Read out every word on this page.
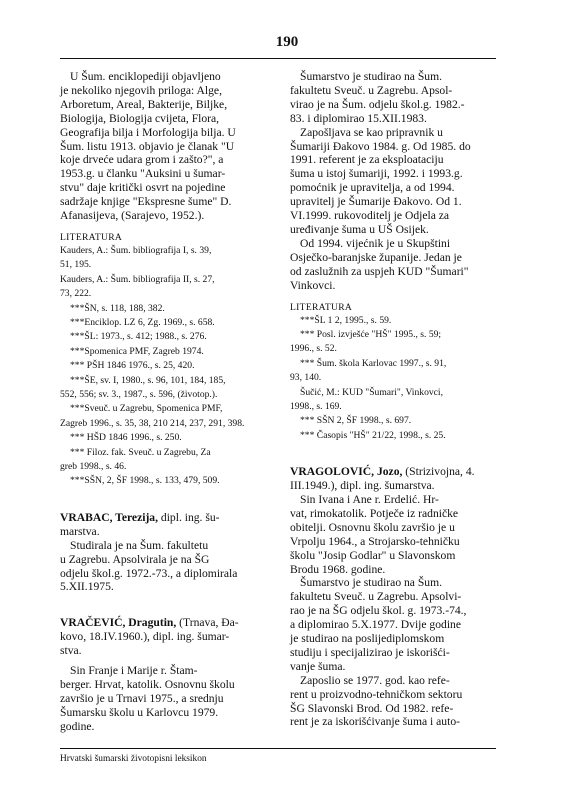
190
U Šum. enciklopediji objavljeno
je nekoliko njegovih priloga: Alge,
Arboretum, Areal, Bakterije, Biljke,
Biologija, Biologija cvijeta, Flora,
Geografija bilja i Morfologija bilja. U
Šum. listu 1913. objavio je članak "U
koje drveće udara grom i zašto?", a
1953.g. u članku "Auksini u šumar-
stvu" daje kritički osvrt na pojedine
sadržaje knjige "Ekspresne šume" D.
Afanasijeva, (Sarajevo, 1952.).
LITERATURA
Kauders, A.: Šum. bibliografija I, s. 39,
51, 195.
Kauders, A.: Šum. bibliografija II, s. 27,
73, 222.
***ŠN, s. 118, 188, 382.
***Enciklop. LZ 6, Zg. 1969., s. 658.
***ŠL: 1973., s. 412; 1988., s. 276.
***Spomenica PMF, Zagreb 1974.
*** PŠH 1846 1976., s. 25, 420.
***ŠE, sv. I, 1980., s. 96, 101, 184, 185,
552, 556; sv. 3., 1987., s. 596, (životop.).
***Sveuč. u Zagrebu, Spomenica PMF,
Zagreb 1996., s. 35, 38, 210 214, 237, 291, 398.
*** HŠD 1846 1996., s. 250.
*** Filoz. fak. Sveuč. u Zagrebu, Za
greb 1998., s. 46.
***SŠN, 2, ŠF 1998., s. 133, 479, 509.
VRABAC, Terezija, dipl. ing. šu-
marstva.
Studirala je na Šum. fakultetu
u Zagrebu. Apsolvirala je na ŠG
odjelu škol.g. 1972.-73., a diplomirala
5.XII.1975.
VRAČEVIĆ, Dragutin, (Trnava, Đa-
kovo, 18.IV.1960.), dipl. ing. šumar-
stva.
Sin Franje i Marije r. Štam-
berger. Hrvat, katolik. Osnovnu školu
završio je u Trnavi 1975., a srednju
Šumarsku školu u Karlovcu 1979.
godine.
Šumarstvo je studirao na Šum.
fakultetu Sveuč. u Zagrebu. Apsol-
virao je na Šum. odjelu škol.g. 1982.-
83. i diplomirao 15.XII.1983.
Zapošljava se kao pripravnik u
Šumariji Đakovo 1984. g. Od 1985. do
1991. referent je za eksploataciju
šuma u istoj šumariji, 1992. i 1993.g.
pomoćnik je upravitelja, a od 1994.
upravitelj je Šumarije Đakovo. Od 1.
VI.1999. rukovoditelj je Odjela za
uređivanje šuma u UŠ Osijek.
Od 1994. vijećnik je u Skupštini
Osječko-baranjske županije. Jedan je
od zaslužnih za uspjeh KUD "Šumari"
Vinkovci.
LITERATURA
***ŠL 1 2, 1995., s. 59.
*** Posl. izvješće "HŠ" 1995., s. 59;
1996., s. 52.
*** Šum. škola Karlovac 1997., s. 91,
93, 140.
Šučić, M.: KUD "Šumari", Vinkovci,
1998., s. 169.
*** SŠN 2, ŠF 1998., s. 697.
*** Časopis "HŠ" 21/22, 1998., s. 25.
VRAGOLOVIĆ, Jozo, (Strizivojna, 4.
III.1949.), dipl. ing. šumarstva.
Sin Ivana i Ane r. Erdelić. Hr-
vat, rimokatolik. Potječe iz radničke
obitelji. Osnovnu školu završio je u
Vrpolju 1964., a Strojarsko-tehničku
školu "Josip Godlar" u Slavonskom
Brodu 1968. godine.
Šumarstvo je studirao na Šum.
fakultetu Sveuč. u Zagrebu. Apsolvi-
rao je na ŠG odjelu škol. g. 1973.-74.,
a diplomirao 5.X.1977. Dvije godine
je studirao na poslijediplomskom
studiju i specijalizirao je iskorišći-
vanje šuma.
Zaposlio se 1977. god. kao refe-
rent u proizvodno-tehničkom sektoru
ŠG Slavonski Brod. Od 1982. refe-
rent je za iskorišćivanje šuma i auto-
Hrvatski šumarski životopisni leksikon
